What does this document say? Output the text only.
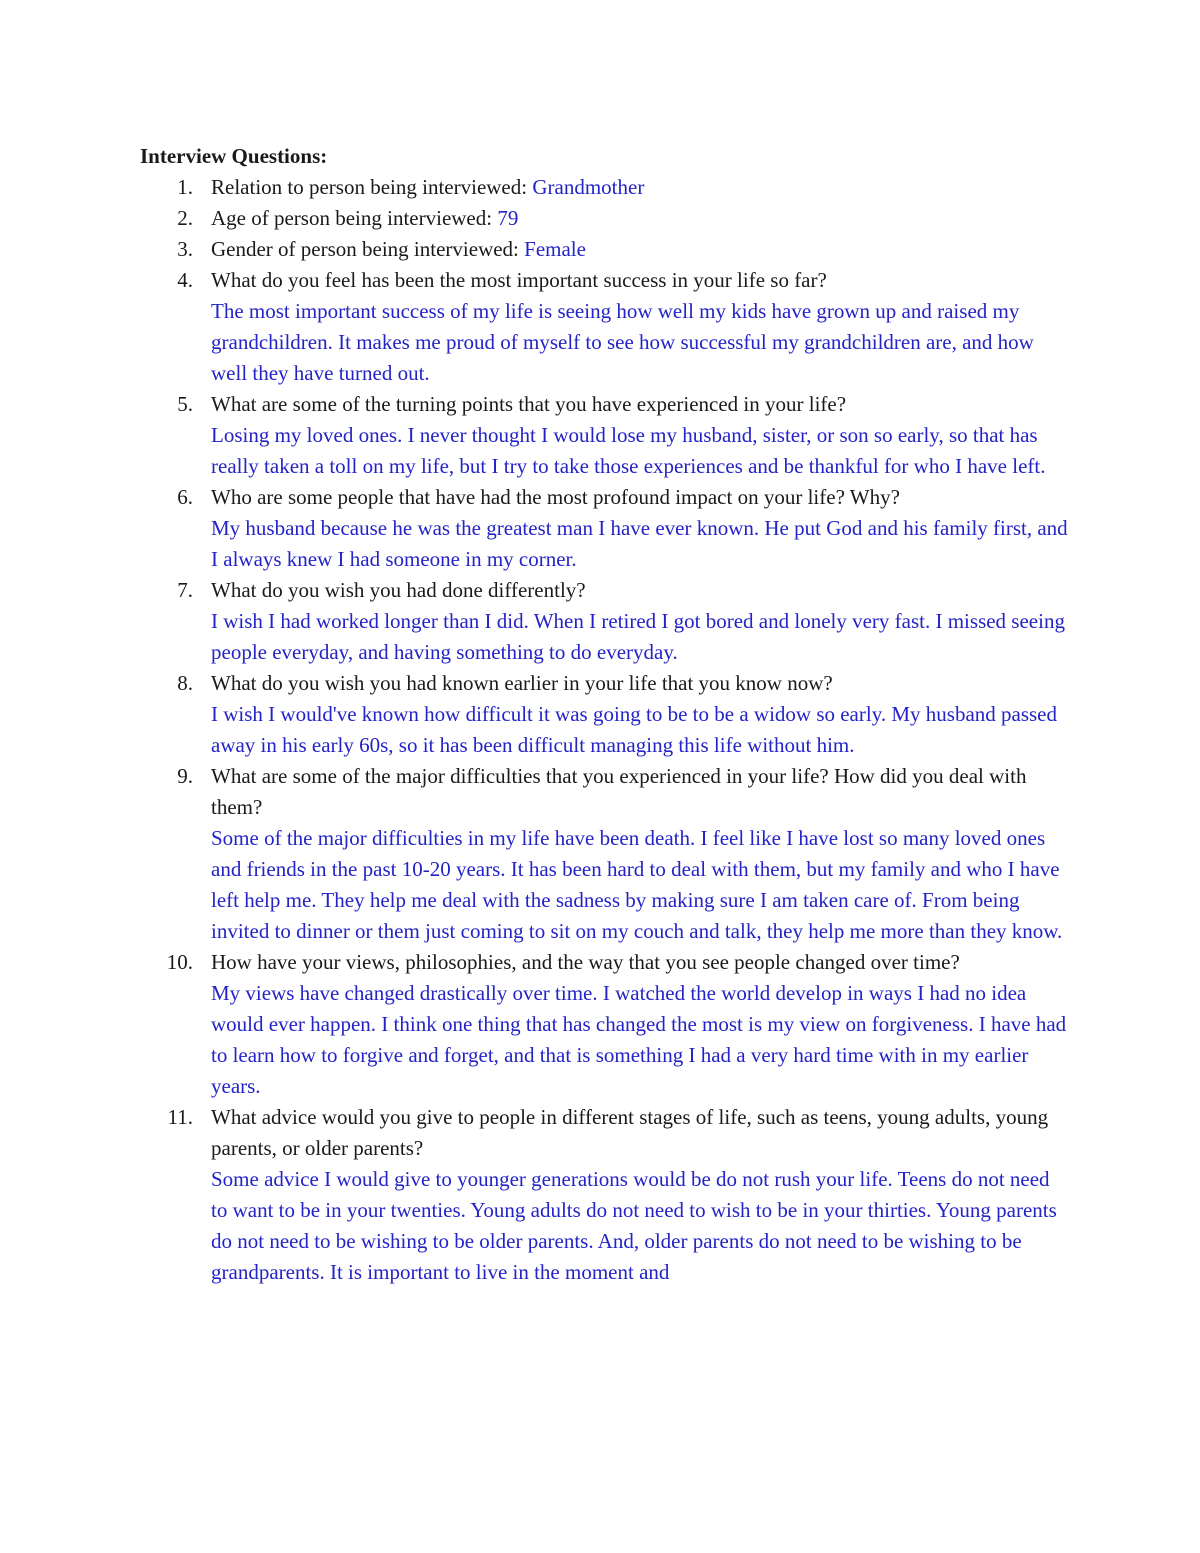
Interview Questions:
1. Relation to person being interviewed: Grandmother
2. Age of person being interviewed: 79
3. Gender of person being interviewed: Female
4. What do you feel has been the most important success in your life so far?
The most important success of my life is seeing how well my kids have grown up and raised my grandchildren. It makes me proud of myself to see how successful my grandchildren are, and how well they have turned out.
5. What are some of the turning points that you have experienced in your life?
Losing my loved ones. I never thought I would lose my husband, sister, or son so early, so that has really taken a toll on my life, but I try to take those experiences and be thankful for who I have left.
6. Who are some people that have had the most profound impact on your life? Why?
My husband because he was the greatest man I have ever known. He put God and his family first, and I always knew I had someone in my corner.
7. What do you wish you had done differently?
I wish I had worked longer than I did. When I retired I got bored and lonely very fast. I missed seeing people everyday, and having something to do everyday.
8. What do you wish you had known earlier in your life that you know now?
I wish I would've known how difficult it was going to be to be a widow so early. My husband passed away in his early 60s, so it has been difficult managing this life without him.
9. What are some of the major difficulties that you experienced in your life? How did you deal with them?
Some of the major difficulties in my life have been death. I feel like I have lost so many loved ones and friends in the past 10-20 years. It has been hard to deal with them, but my family and who I have left help me. They help me deal with the sadness by making sure I am taken care of. From being invited to dinner or them just coming to sit on my couch and talk, they help me more than they know.
10. How have your views, philosophies, and the way that you see people changed over time?
My views have changed drastically over time. I watched the world develop in ways I had no idea would ever happen. I think one thing that has changed the most is my view on forgiveness. I have had to learn how to forgive and forget, and that is something I had a very hard time with in my earlier years.
11. What advice would you give to people in different stages of life, such as teens, young adults, young parents, or older parents?
Some advice I would give to younger generations would be do not rush your life. Teens do not need to want to be in your twenties. Young adults do not need to wish to be in your thirties. Young parents do not need to be wishing to be older parents. And, older parents do not need to be wishing to be grandparents. It is important to live in the moment and
